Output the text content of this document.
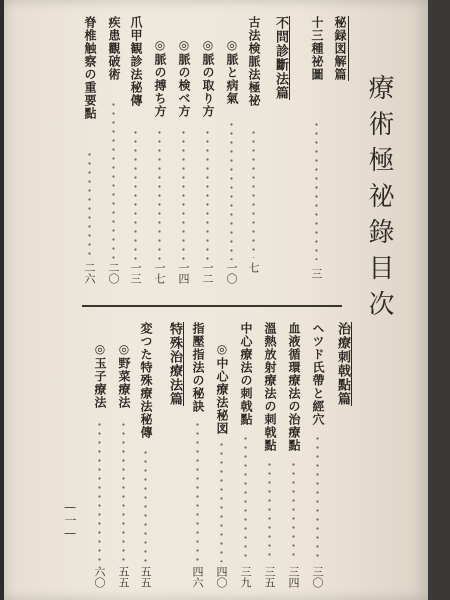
療術極祕錄目次
秘録図解篇
十三種祕圖
三
不問診斷法篇
古法検脈法極祕
七
◎脈と病氣
一〇
◎脈の取り方
一二
◎脈の検べ方
一四
◎脈の搏ち方
一七
爪甲観診法秘傳
一三
疾患觀破術
二〇
脊椎触察の重要點
二六
治療刺戟點篇
ヘツド氏帶と經穴
三〇
血液循環療法の治療點
三四
溫熱放射療法の刺戟點
三五
中心療法の刺戟點
三九
◎中心療法秘図
四〇
指壓指法の秘訣
四六
特殊治療法篇
変つた特殊療法秘傳
五五
◎野菜療法
五五
◎玉子療法
六〇
—一—
